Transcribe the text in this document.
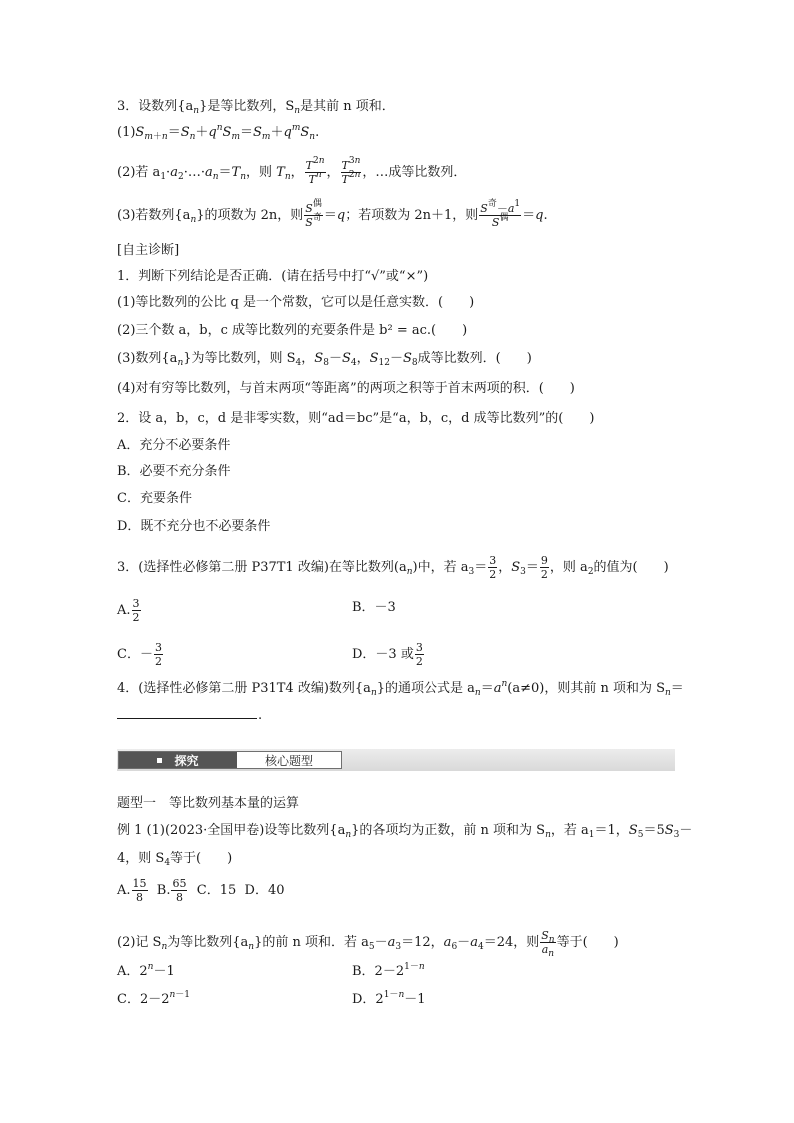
3．设数列$\{a_n\}$是等比数列，$S_n$是其前 n 项和．
$(1)S_{m+n}=S_n+q^nS_m=S_m+q^mS_n$.
(2)若 $a_1\cdot a_2\cdot\dots\cdot a_n=T_n$，则 $T_n$， $\frac{T^{2n}}{T^n}$ ， $\frac{T^{3n}}{T^{2n}}$ ，…成等比数列．
(3)若数列$\{a_n\}$的项数为 2n，则 $\frac{S^偶}{S^奇} =q$；若项数为 2n＋1，则 $\frac{S^奇-a^1}{S^偶} =q$.
[自主诊断]
1．判断下列结论是否正确．(请在括号中打“√”或“×”)
(1)等比数列的公比 q 是一个常数，它可以是任意实数．(　　)
(2)三个数 a，b，c 成等比数列的充要条件是 b² = ac.(　　)
(3)数列$\{a_n\}$为等比数列，则 $S_4$，$S_8-S_4$，$S_{12}-S_8$成等比数列．(　　)
(4)对有穷等比数列，与首末两项“等距离”的两项之积等于首末两项的积．(　　)
2．设 a，b，c，d 是非零实数，则“ad＝bc”是“a，b，c，d 成等比数列”的(　　)
A．充分不必要条件
B．必要不充分条件
C．充要条件
D．既不充分也不必要条件
3．(选择性必修第二册 P37T1 改编)在等比数列$(a_n)$中，若 $a_3= \frac{3}{2}$ ，$S_3= \frac{9}{2}$ ，则 $a_2$的值为(　　)
A. $\frac{3}{2}$	B．－3
C．－ $\frac{3}{2}$	D．－3 或 $\frac{3}{2}$
4．(选择性必修第二册 P31T4 改编)数列$\{a_n\}$的通项公式是 $a_n=a^n(a\ne 0)$，则其前 n 项和为 $S_n=$
.
探究	核心题型
题型一　等比数列基本量的运算
例 1 (1)(2023·全国甲卷)设等比数列$\{a_n\}$的各项均为正数，前 n 项和为 $S_n$，若 $a_1=1$，$S_5=5S_3-$
4，则 $S_4$等于(　　)
A. $\frac{15}{8} B$. $\frac{65}{8}$ C．15 D．40
(2)记 $S_n$为等比数列$\{a_n\}$的前 n 项和．若 $a_5-a_3=12$，$a_6-a_4=24$，则 $\frac{S_n}{a_n}$ 等于(　　)
A．$2^n-1$	B．$2-2^{1-n}$
C．$2-2^{n-1}$	D．$2^{1-n}-1$
